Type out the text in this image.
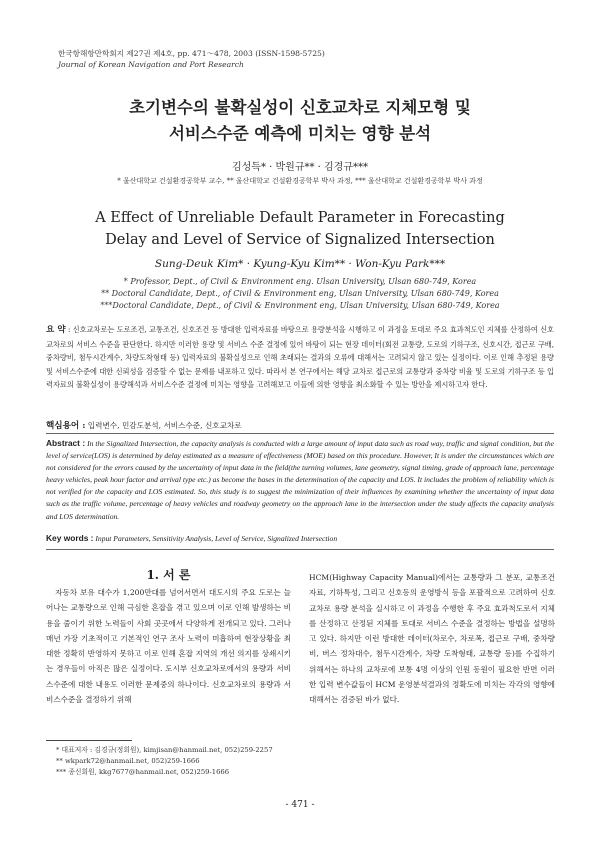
한국항해항만학회지 제27권 제4호, pp. 471～478, 2003 (ISSN-1598-5725)
Journal of Korean Navigation and Port Research
초기변수의 불확실성이 신호교차로 지체모형 및
서비스수준 예측에 미치는 영향 분석
김성득* · 박원규** · 김경규***
* 울산대학교 건설환경공학부 교수, ** 울산대학교 건설환경공학부 박사 과정, *** 울산대학교 건설환경공학부 박사 과정
A Effect of Unreliable Default Parameter in Forecasting
Delay and Level of Service of Signalized Intersection
Sung-Deuk Kim* · Kyung-Kyu Kim** · Won-Kyu Park***
* Professor, Dept., of Civil & Environment eng. Ulsan University, Ulsan 680-749, Korea
** Doctoral Candidate, Dept., of Civil & Environment eng, Ulsan University, Ulsan 680-749, Korea
***Doctoral Candidate, Dept., of Civil & Environment eng, Ulsan University, Ulsan 680-749, Korea
요 약 : 신호교차로는 도로조건, 교통조건, 신호조건 등 방대한 입력자료를 바탕으로 용량분석을 시행하고 이 과정을 토대로 주요 효과척도인 지체를 산정하여 신호교차로의 서비스 수준을 판단한다. 하지만 이러한 용량 및 서비스 수준 결정에 있어 바탕이 되는 현장 데이터(회전 교통량, 도로의 기하구조, 신호시간, 접근로 구배, 중차량비, 첨두시간계수, 차량도착형태 등) 입력자료의 불확실성으로 인해 초래되는 결과의 오류에 대해서는 고려되지 않고 있는 실정이다. 이로 인해 추정된 용량 및 서비스수준에 대한 신뢰성을 검증할 수 없는 문제를 내포하고 있다. 따라서 본 연구에서는 해당 교차로 접근로의 교통량과 중차량 비율 및 도로의 기하구조 등 입력자료의 불확실성이 용량해석과 서비스수준 결정에 미치는 영향을 고려해보고 이들에 의한 영향을 최소화할 수 있는 방안을 제시하고자 한다.
핵심용어 : 입력변수, 민감도분석, 서비스수준, 신호교차로
Abstract : In the Signalized Intersection, the capacity analysis is conducted with a large amount of input data such as road way, traffic and signal condition, but the level of service(LOS) is determined by delay estimated as a measure of effectiveness (MOE) based on this procedure. However, It is under the circumstances which are not considered for the errors caused by the uncertainty of input data in the field(the turning volumes, lane geometry, signal timing, grade of approach lane, percentage heavy vehicles, peak hour factor and arrival type etc.) as become the bases in the determination of the capacity and LOS. It includes the problem of reliability which is not verified for the capacity and LOS estimated. So, this study is to suggest the minimization of their influences by examining whether the uncertainty of input data such as the traffic volume, percentage of heavy vehicles and roadway geometry on the approach lane in the intersection under the study affects the capacity analysis and LOS determination.
Key words : Input Parameters, Sensitivity Analysis, Level of Service, Signalized Intersection
1. 서 론
자동차 보유 대수가 1,200만대를 넘어서면서 대도시의 주요 도로는 늘어나는 교통량으로 인해 극심한 혼잡을 겪고 있으며 이로 인해 발생하는 비용을 줄이기 위한 노력들이 사회 곳곳에서 다양하게 전개되고 있다. 그러나 매년 가장 기초적이고 기본적인 연구 조사 노력이 미흡하여 현장상황을 최대한 정확히 반영하지 못하고 이로 인해 혼잡 지역의 개선 의지를 상쇄시키는 경우들이 아직은 많은 실정이다. 도시부 신호교차로에서의 용량과 서비스수준에 대한 내용도 이러한 문제중의 하나이다. 신호교차로의 용량과 서비스수준을 결정하기 위해
HCM(Highway Capacity Manual)에서는 교통량과 그 분포, 교통조건 자료, 기하특성, 그리고 신호등의 운영방식 등을 포괄적으로 고려하여 신호교차로 용량 분석을 실시하고 이 과정을 수행한 후 주요 효과척도로서 지체를 산정하고 산정된 지체를 토대로 서비스 수준을 결정하는 방법을 설명하고 있다. 하지만 이런 방대한 데이터(차로수, 차로폭, 접근로 구배, 중차량비, 버스 정차대수, 첨두시간계수, 차량 도착형태, 교통량 등)를 수집하기 위해서는 하나의 교차로에 보통 4명 이상의 인원 동원이 필요한 반면 이러한 입력 변수값들이 HCM 운영분석결과의 정확도에 미치는 각각의 영향에 대해서는 검증된 바가 없다.
* 대표저자 : 김경규(정회원), kimjisan@hanmail.net, 052)259-2257
** wkpark72@hanmail.net, 052)259-1666
*** 종신회원, kkg7677@hanmail.net, 052)259-1666
- 471 -
